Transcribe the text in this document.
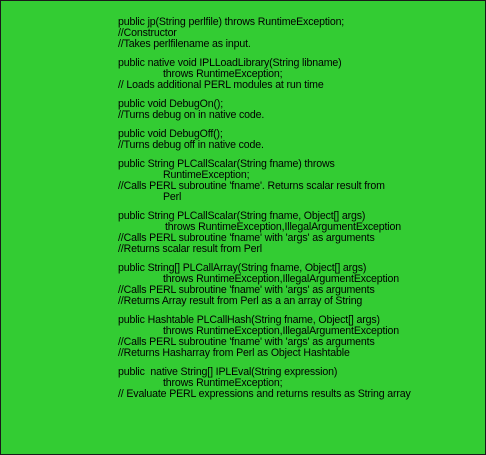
public jp(String perlfile) throws RuntimeException;
//Constructor
//Takes perlfilename as input.
public native void IPLLoadLibrary(String libname)
throws RuntimeException;
// Loads additional PERL modules at run time
public void DebugOn();
//Turns debug on in native code.
public void DebugOff();
//Turns debug off in native code.
public String PLCallScalar(String fname) throws
RuntimeException;
//Calls PERL subroutine 'fname'. Returns scalar result from
Perl
public String PLCallScalar(String fname, Object[] args)
throws RuntimeException,IllegalArgumentException
//Calls PERL subroutine 'fname' with 'args' as arguments
//Returns scalar result from Perl
public String[] PLCallArray(String fname, Object[] args)
throws RuntimeException,IllegalArgumentException
//Calls PERL subroutine 'fname' with 'args' as arguments
//Returns Array result from Perl as a an array of String
public Hashtable PLCallHash(String fname, Object[] args)
throws RuntimeException,IllegalArgumentException
//Calls PERL subroutine 'fname' with 'args' as arguments
//Returns Hasharray from Perl as Object Hashtable
public  native String[] IPLEval(String expression)
throws RuntimeException;
// Evaluate PERL expressions and returns results as String array
